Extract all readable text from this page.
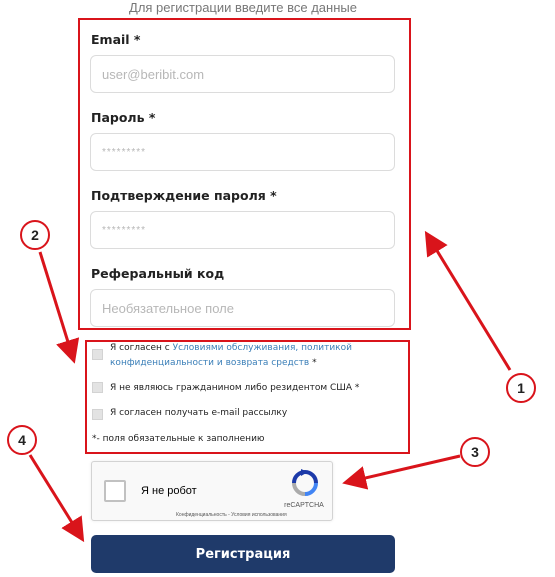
Для регистрации введите все данные
Email *
user@beribit.com
Пароль *
*********
Подтверждение пароля *
*********
Реферальный код
Необязательное поле
Я согласен с Условиями обслуживания, политикой
конфиденциальности и возврата средств *
Я не являюсь гражданином либо резидентом США *
Я согласен получать e-mail рассылку
*- поля обязательные к заполнению
Я не робот
reCAPTCHA
Конфиденциальность - Условия использования
Регистрация
1
2
3
4
